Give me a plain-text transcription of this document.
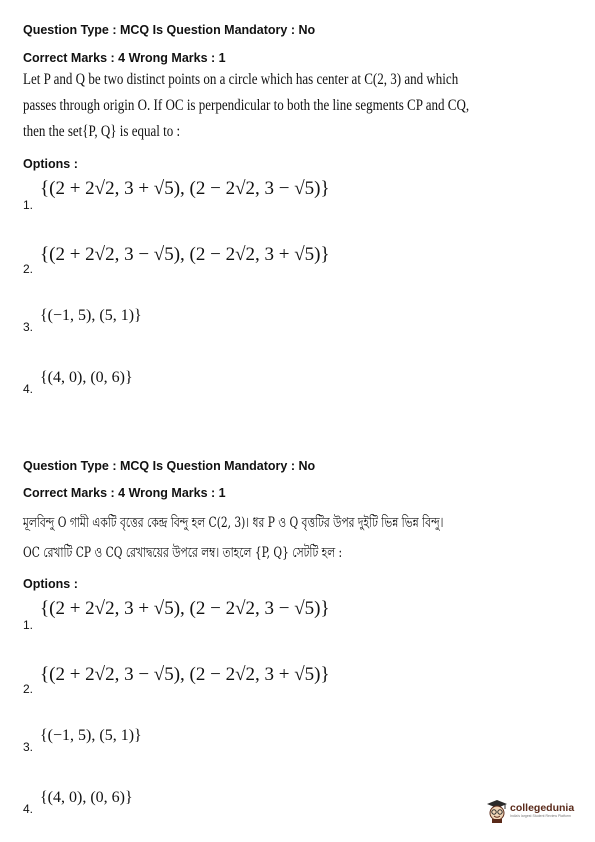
Question Type : MCQ Is Question Mandatory : No
Correct Marks : 4 Wrong Marks : 1
Let P and Q be two distinct points on a circle which has center at C(2, 3) and which passes through origin O. If OC is perpendicular to both the line segments CP and CQ, then the set{P, Q} is equal to :
Options :
1.
{(2 + 2√2, 3 + √5), (2 − 2√2, 3 − √5)}
2.
{(2 + 2√2, 3 − √5), (2 − 2√2, 3 + √5)}
3.
{(−1, 5), (5, 1)}
4.
{(4, 0), (0, 6)}
Question Type : MCQ Is Question Mandatory : No
Correct Marks : 4 Wrong Marks : 1
মূলবিন্দু O গামী একটি বৃত্তের কেন্দ্র বিন্দু হল C(2, 3)। ধর P ও Q বৃত্তটির উপর দুইটি ভিন্ন ভিন্ন বিন্দু। OC রেখাটি CP ও CQ রেখাদ্বয়ের উপরে লম্ব। তাহলে {P, Q} সেটটি হল :
Options :
1.
{(2 + 2√2, 3 + √5), (2 − 2√2, 3 − √5)}
2.
{(2 + 2√2, 3 − √5), (2 − 2√2, 3 + √5)}
3.
{(−1, 5), (5, 1)}
4.
{(4, 0), (0, 6)}
collegedunia
India's largest Student Review Platform
